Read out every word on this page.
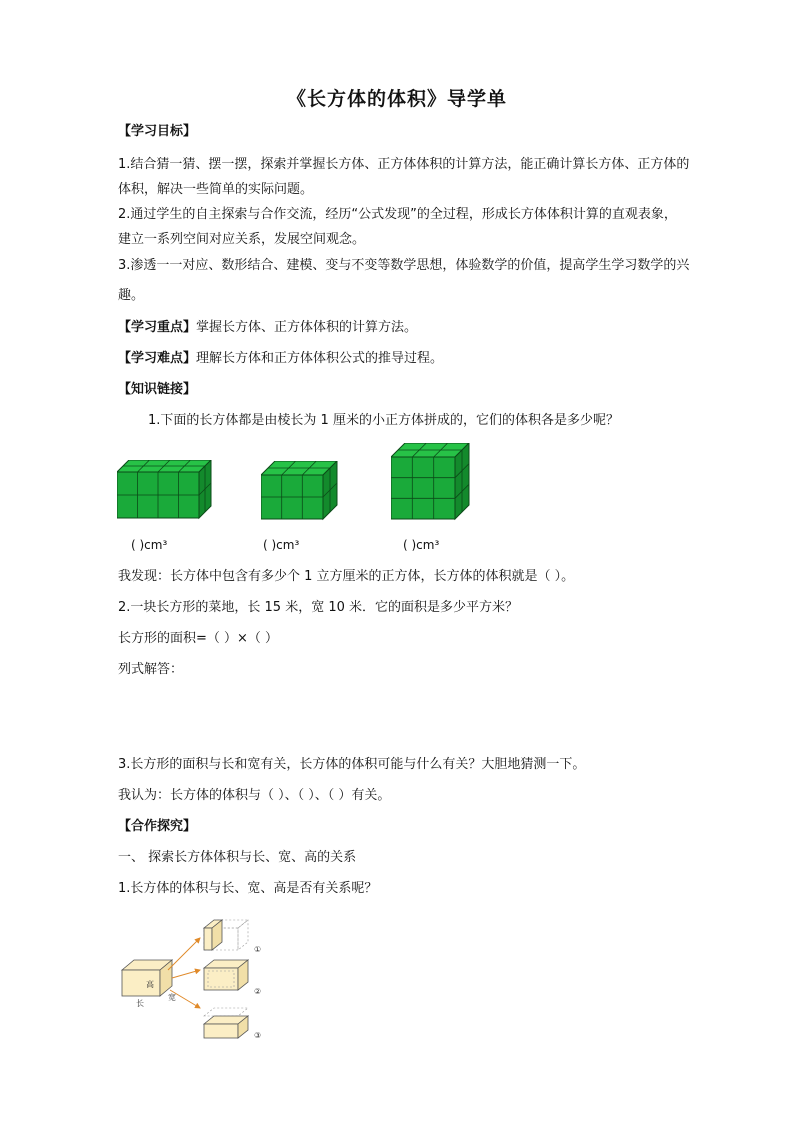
《长方体的体积》导学单
【学习目标】
1.结合猜一猜、摆一摆，探索并掌握长方体、正方体体积的计算方法，能正确计算长方体、正方体的
体积，解决一些简单的实际问题。
2.通过学生的自主探索与合作交流，经历“公式发现”的全过程，形成长方体体积计算的直观表象，
建立一系列空间对应关系，发展空间观念。
3.渗透一一对应、数形结合、建模、变与不变等数学思想，体验数学的价值，提高学生学习数学的兴
趣。
【学习重点】掌握长方体、正方体体积的计算方法。
【学习难点】理解长方体和正方体体积公式的推导过程。
【知识链接】
1.下面的长方体都是由棱长为 1 厘米的小正方体拼成的，它们的体积各是多少呢？
( )cm³	( )cm³	( )cm³
我发现：长方体中包含有多少个 1 立方厘米的正方体，长方体的体积就是（ ）。
2.一块长方形的菜地，长 15 米，宽 10 米．它的面积是多少平方米？
长方形的面积=（ ）×（ ）
列式解答：
3.长方形的面积与长和宽有关，长方体的体积可能与什么有关？大胆地猜测一下。
我认为：长方体的体积与（ ）、（ ）、（ ）有关。
【合作探究】
一、 探索长方体体积与长、宽、高的关系
1.长方体的体积与长、宽、高是否有关系呢？
高
长
宽
①
②
③
